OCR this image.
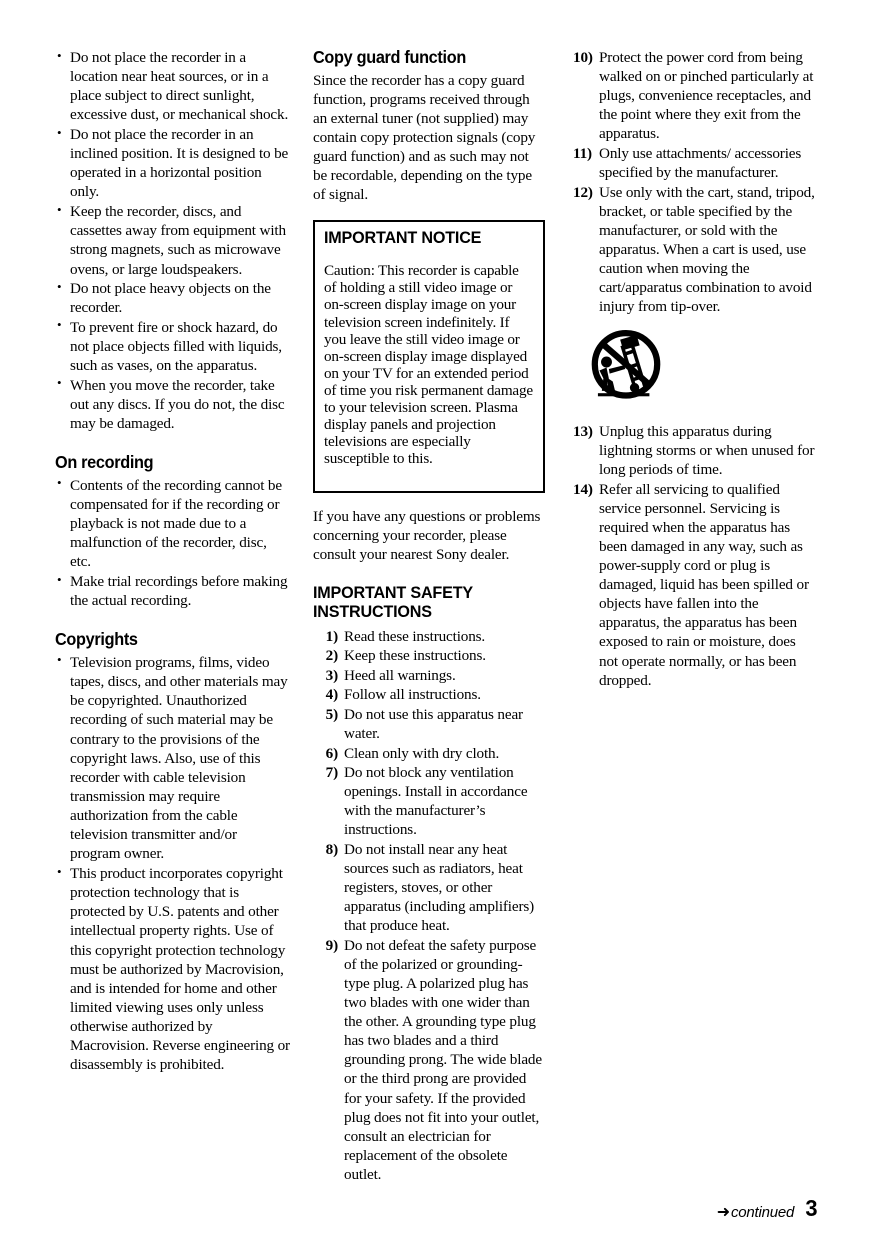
• Do not place the recorder in a location near heat sources, or in a place subject to direct sunlight, excessive dust, or mechanical shock.
• Do not place the recorder in an inclined position. It is designed to be operated in a horizontal position only.
• Keep the recorder, discs, and cassettes away from equipment with strong magnets, such as microwave ovens, or large loudspeakers.
• Do not place heavy objects on the recorder.
• To prevent fire or shock hazard, do not place objects filled with liquids, such as vases, on the apparatus.
• When you move the recorder, take out any discs. If you do not, the disc may be damaged.
On recording
• Contents of the recording cannot be compensated for if the recording or playback is not made due to a malfunction of the recorder, disc, etc.
• Make trial recordings before making the actual recording.
Copyrights
• Television programs, films, video tapes, discs, and other materials may be copyrighted. Unauthorized recording of such material may be contrary to the provisions of the copyright laws. Also, use of this recorder with cable television transmission may require authorization from the cable television transmitter and/or program owner.
• This product incorporates copyright protection technology that is protected by U.S. patents and other intellectual property rights. Use of this copyright protection technology must be authorized by Macrovision, and is intended for home and other limited viewing uses only unless otherwise authorized by Macrovision. Reverse engineering or disassembly is prohibited.
Copy guard function

Since the recorder has a copy guard function, programs received through an external tuner (not supplied) may contain copy protection signals (copy guard function) and as such may not be recordable, depending on the type of signal.

IMPORTANT NOTICE

Caution: This recorder is capable of holding a still video image or on-screen display image on your television screen indefinitely. If you leave the still video image or on-screen display image displayed on your TV for an extended period of time you risk permanent damage to your television screen. Plasma display panels and projection televisions are especially susceptible to this.

If you have any questions or problems concerning your recorder, please consult your nearest Sony dealer.

IMPORTANT SAFETY INSTRUCTIONS
1) Read these instructions.
2) Keep these instructions.
3) Heed all warnings.
4) Follow all instructions.
5) Do not use this apparatus near water.
6) Clean only with dry cloth.
7) Do not block any ventilation openings. Install in accordance with the manufacturer’s instructions.
8) Do not install near any heat sources such as radiators, heat registers, stoves, or other apparatus (including amplifiers) that produce heat.
9) Do not defeat the safety purpose of the polarized or grounding-type plug. A polarized plug has two blades with one wider than the other. A grounding type plug has two blades and a third grounding prong. The wide blade or the third prong are provided for your safety. If the provided plug does not fit into your outlet, consult an electrician for replacement of the obsolete outlet.
10) Protect the power cord from being walked on or pinched particularly at plugs, convenience receptacles, and the point where they exit from the apparatus.
11) Only use attachments/ accessories specified by the manufacturer.
12) Use only with the cart, stand, tripod, bracket, or table specified by the manufacturer, or sold with the apparatus. When a cart is used, use caution when moving the cart/apparatus combination to avoid injury from tip-over.
13) Unplug this apparatus during lightning storms or when unused for long periods of time.
14) Refer all servicing to qualified service personnel. Servicing is required when the apparatus has been damaged in any way, such as power-supply cord or plug is damaged, liquid has been spilled or objects have fallen into the apparatus, the apparatus has been exposed to rain or moisture, does not operate normally, or has been dropped.
➜ continued 3
